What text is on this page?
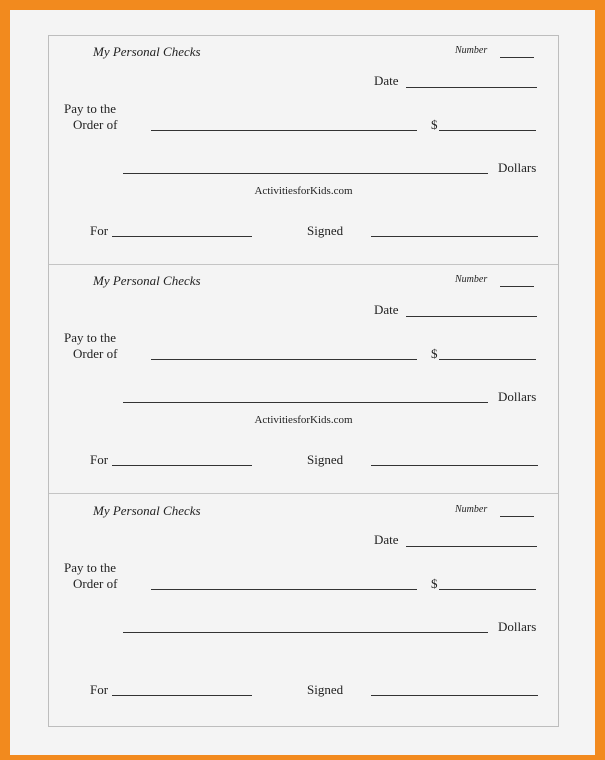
My Personal Checks	Number
Date
Pay to the
Order of	$
Dollars
ActivitiesforKids.com
For	Signed
My Personal Checks	Number
Date
Pay to the
Order of	$
Dollars
ActivitiesforKids.com
For	Signed
My Personal Checks	Number
Date
Pay to the
Order of	$
Dollars
For	Signed
